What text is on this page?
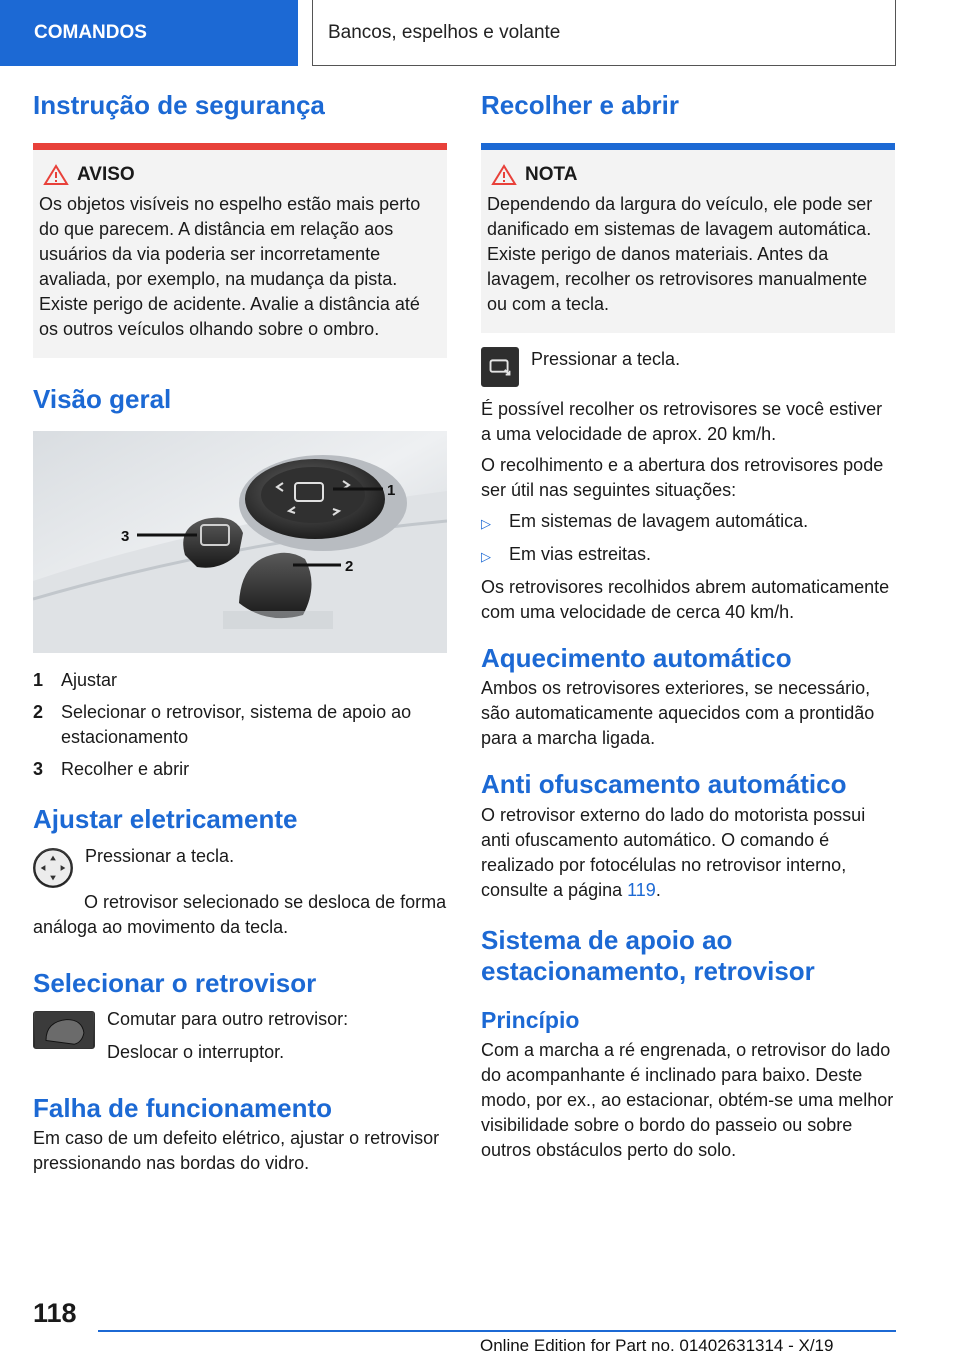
COMANDOS	Bancos, espelhos e volante
Instrução de segurança
AVISO

Os objetos visíveis no espelho estão mais perto do que parecem. A distância em relação aos usuários da via poderia ser incorretamente avaliada, por exemplo, na mudança da pista. Existe perigo de acidente. Avalie a distância até os outros veículos olhando sobre o ombro.

Visão geral
1
2
3
1 Ajustar
2 Selecionar o retrovisor, sistema de apoio ao estacionamento
3 Recolher e abrir
Ajustar eletricamente

Pressionar a tecla.

O retrovisor selecionado se desloca de forma análoga ao movimento da tecla.

Selecionar o retrovisor

Comutar para outro retrovisor:

Deslocar o interruptor.

Falha de funcionamento

Em caso de um defeito elétrico, ajustar o retrovisor pressionando nas bordas do vidro.

Recolher e abrir
NOTA

Dependendo da largura do veículo, ele pode ser danificado em sistemas de lavagem automática. Existe perigo de danos materiais. Antes da lavagem, recolher os retrovisores manualmente ou com a tecla.

Pressionar a tecla.

É possível recolher os retrovisores se você estiver a uma velocidade de aprox. 20 km/h.

O recolhimento e a abertura dos retrovisores pode ser útil nas seguintes situações:

▷	Em sistemas de lavagem automática.
▷	Em vias estreitas.

Os retrovisores recolhidos abrem automaticamente com uma velocidade de cerca 40 km/h.

Aquecimento automático

Ambos os retrovisores exteriores, se necessário, são automaticamente aquecidos com a prontidão para a marcha ligada.

Anti ofuscamento automático

O retrovisor externo do lado do motorista possui anti ofuscamento automático. O comando é realizado por fotocélulas no retrovisor interno, consulte a página 119.

Sistema de apoio ao estacionamento, retrovisor
Princípio

Com a marcha a ré engrenada, o retrovisor do lado do acompanhante é inclinado para baixo. Deste modo, por ex., ao estacionar, obtém-se uma melhor visibilidade sobre o bordo do passeio ou sobre outros obstáculos perto do solo.

118
Online Edition for Part no. 01402631314 - X/19
